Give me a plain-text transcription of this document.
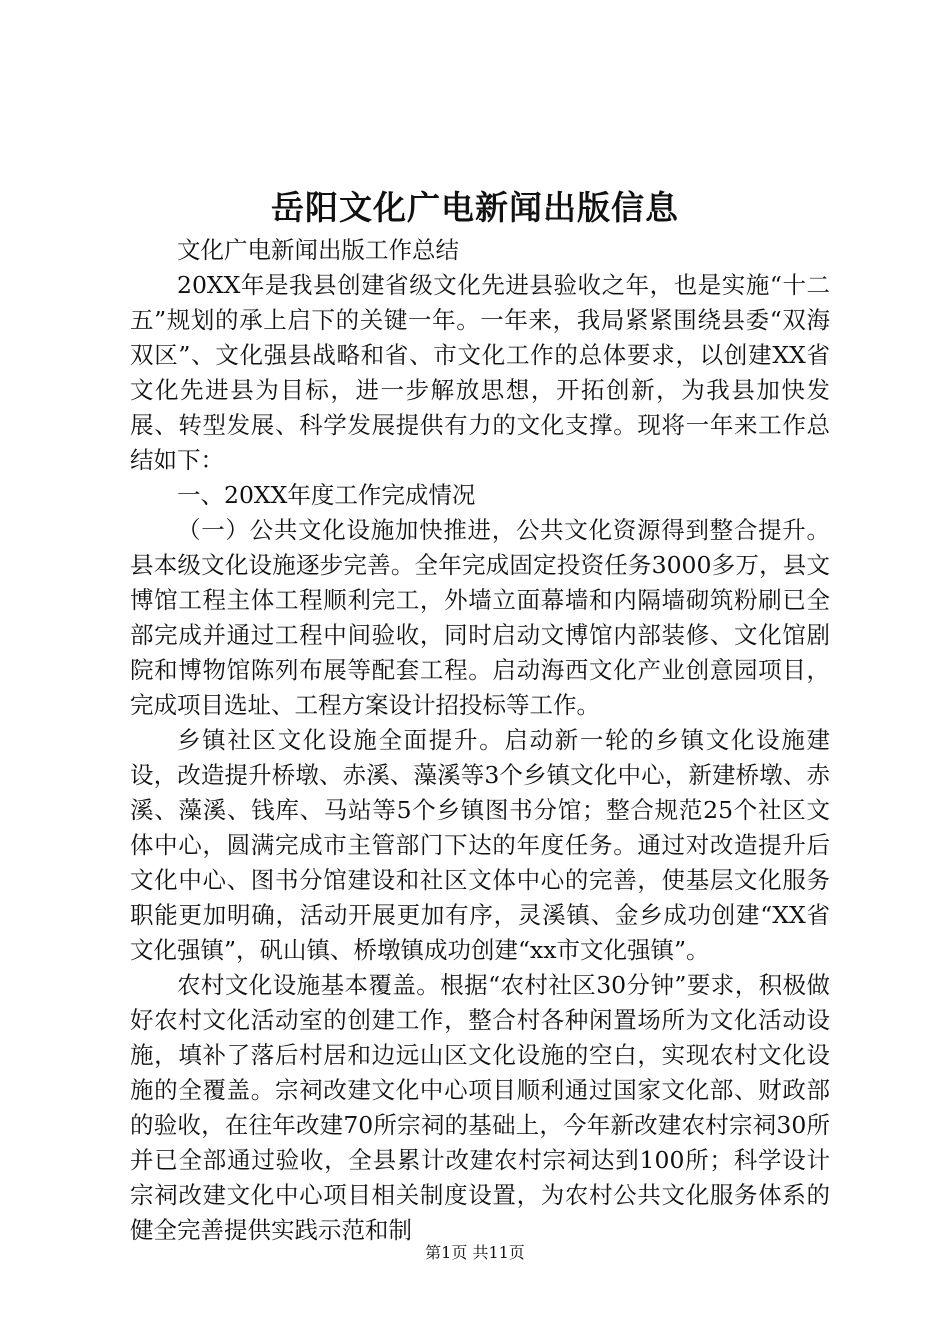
岳阳文化广电新闻出版信息

文化广电新闻出版工作总结

20XX年是我县创建省级文化先进县验收之年，也是实施“十二五”规划的承上启下的关键一年。一年来，我局紧紧围绕县委“双海双区”、文化强县战略和省、市文化工作的总体要求，以创建XX省文化先进县为目标，进一步解放思想，开拓创新，为我县加快发展、转型发展、科学发展提供有力的文化支撑。现将一年来工作总结如下：

一、20XX年度工作完成情况

（一）公共文化设施加快推进，公共文化资源得到整合提升。县本级文化设施逐步完善。全年完成固定投资任务3000多万，县文博馆工程主体工程顺利完工，外墙立面幕墙和内隔墙砌筑粉刷已全部完成并通过工程中间验收，同时启动文博馆内部装修、文化馆剧院和博物馆陈列布展等配套工程。启动海西文化产业创意园项目，完成项目选址、工程方案设计招投标等工作。

乡镇社区文化设施全面提升。启动新一轮的乡镇文化设施建设，改造提升桥墩、赤溪、藻溪等3个乡镇文化中心，新建桥墩、赤溪、藻溪、钱库、马站等5个乡镇图书分馆；整合规范25个社区文体中心，圆满完成市主管部门下达的年度任务。通过对改造提升后文化中心、图书分馆建设和社区文体中心的完善，使基层文化服务职能更加明确，活动开展更加有序，灵溪镇、金乡成功创建“XX省文化强镇”，矾山镇、桥墩镇成功创建“xx市文化强镇”。

农村文化设施基本覆盖。根据“农村社区30分钟”要求，积极做好农村文化活动室的创建工作，整合村各种闲置场所为文化活动设施，填补了落后村居和边远山区文化设施的空白，实现农村文化设施的全覆盖。宗祠改建文化中心项目顺利通过国家文化部、财政部的验收，在往年改建70所宗祠的基础上，今年新改建农村宗祠30所并已全部通过验收，全县累计改建农村宗祠达到100所；科学设计宗祠改建文化中心项目相关制度设置，为农村公共文化服务体系的健全完善提供实践示范和制

第1页 共11页
